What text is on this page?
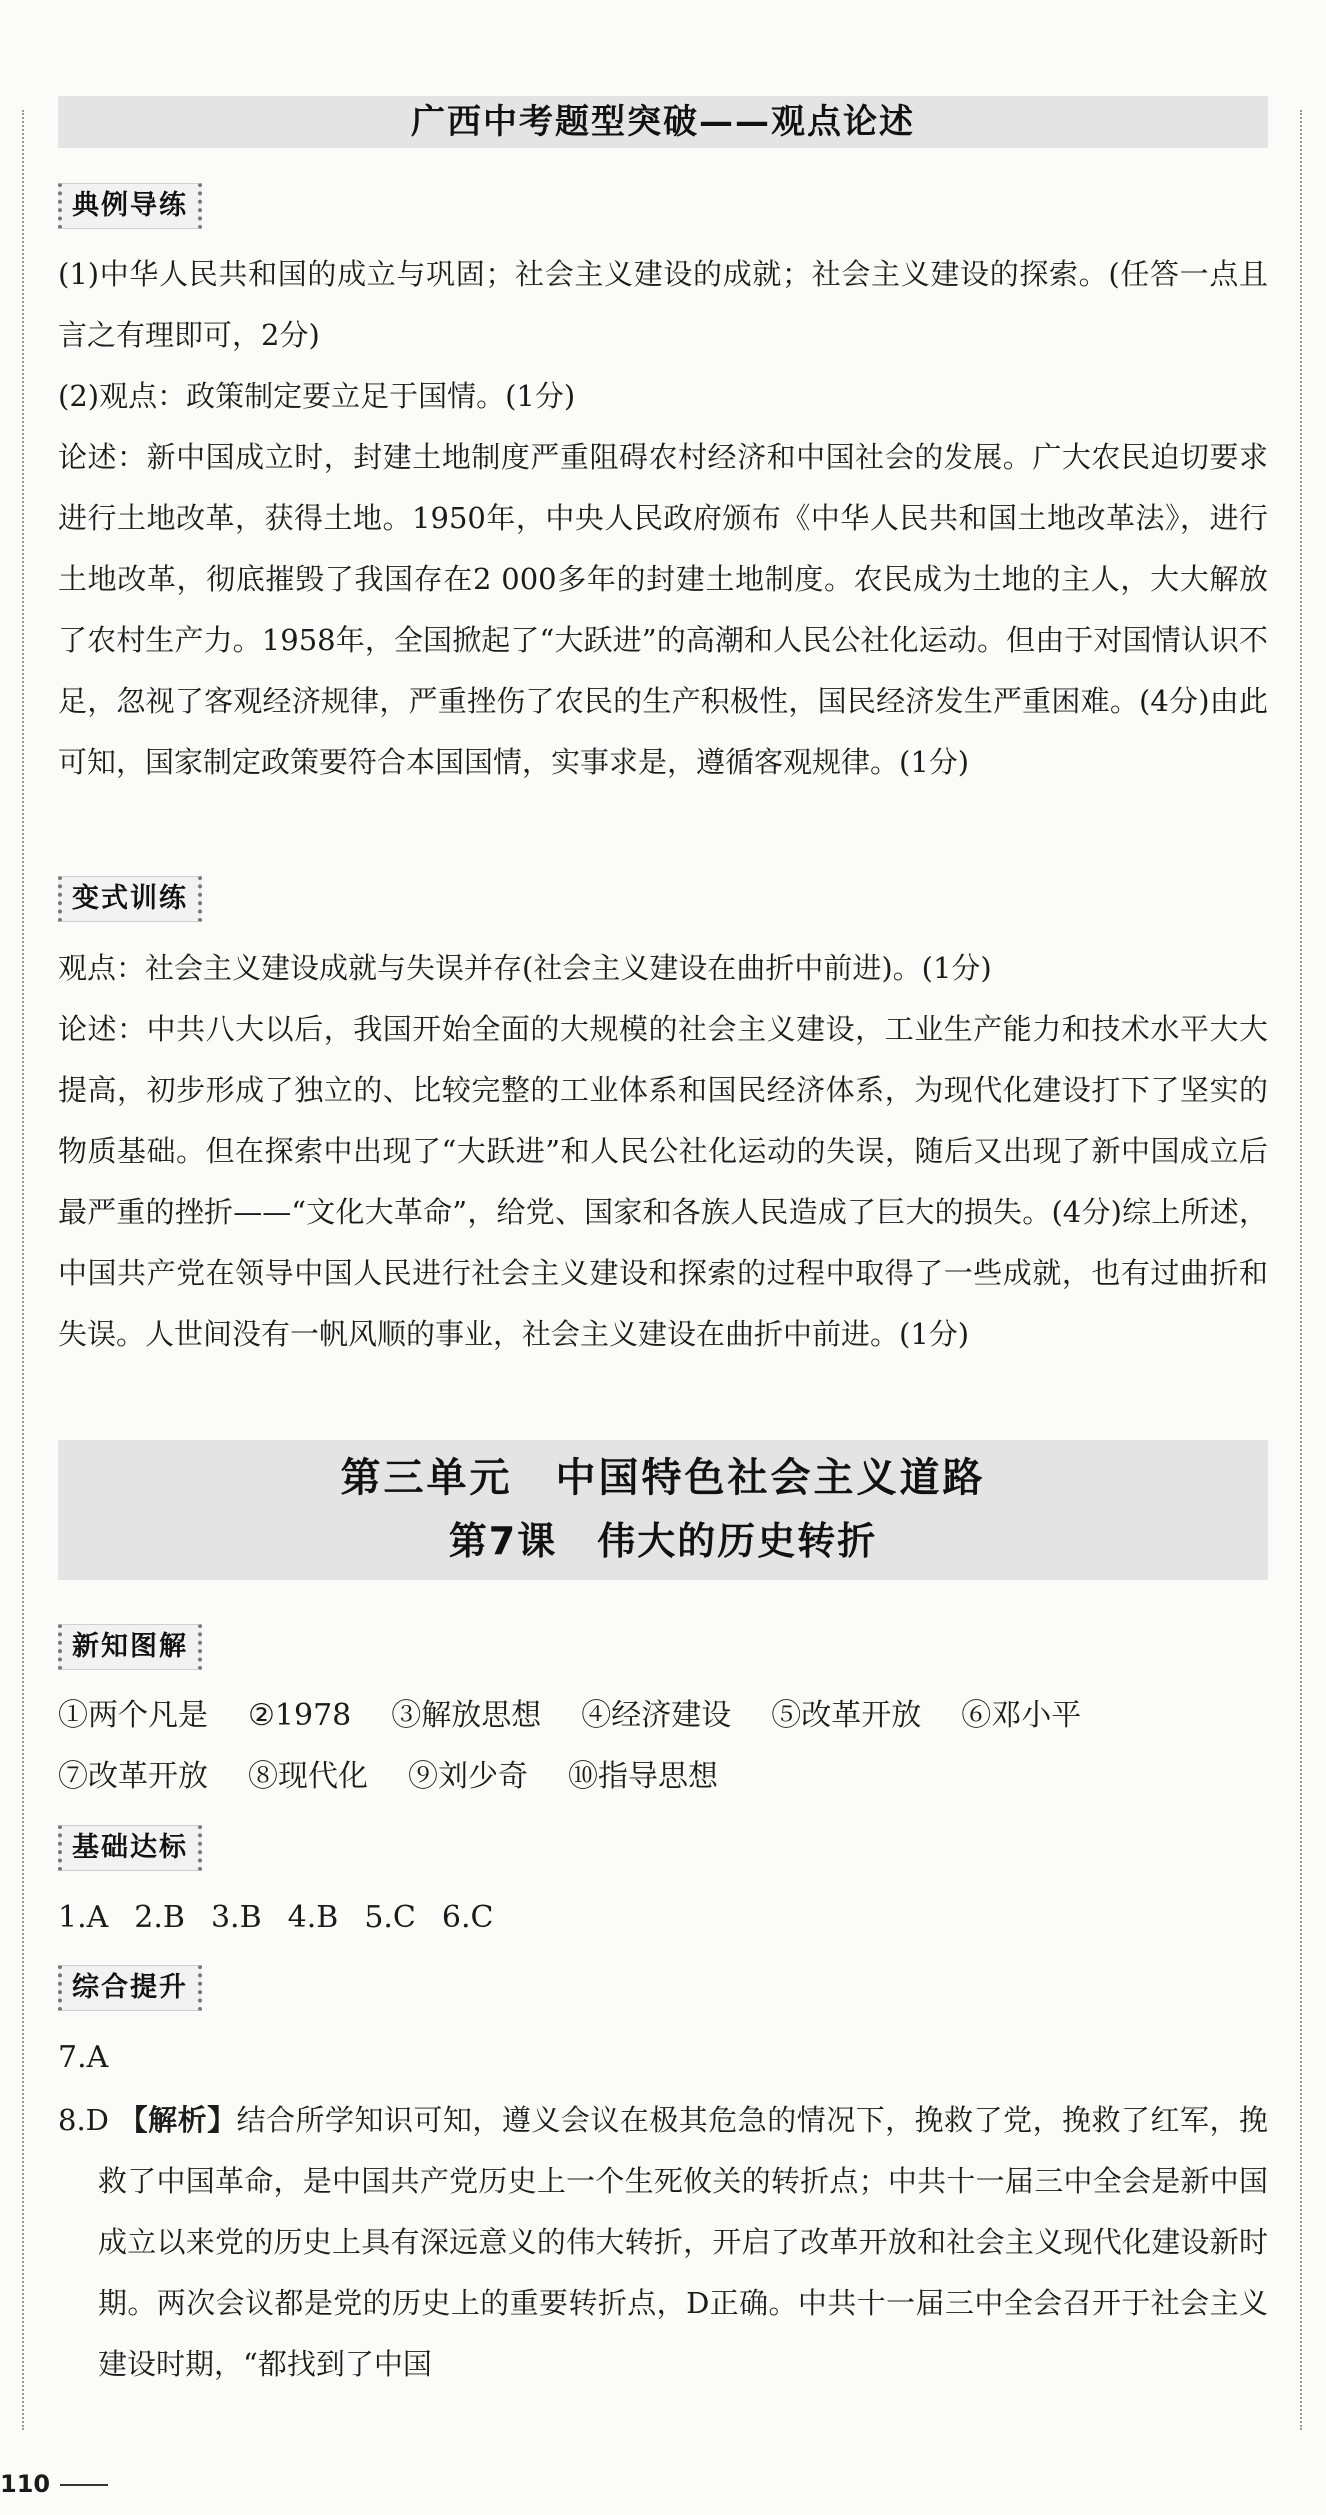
广西中考题型突破——观点论述
典例导练

(1)中华人民共和国的成立与巩固；社会主义建设的成就；社会主义建设的探索。(任答一点且言之有理即可，2分)

(2)观点：政策制定要立足于国情。(1分)

论述：新中国成立时，封建土地制度严重阻碍农村经济和中国社会的发展。广大农民迫切要求进行土地改革，获得土地。1950年，中央人民政府颁布《中华人民共和国土地改革法》，进行土地改革，彻底摧毁了我国存在2 000多年的封建土地制度。农民成为土地的主人，大大解放了农村生产力。1958年，全国掀起了“大跃进”的高潮和人民公社化运动。但由于对国情认识不足，忽视了客观经济规律，严重挫伤了农民的生产积极性，国民经济发生严重困难。(4分)由此可知，国家制定政策要符合本国国情，实事求是，遵循客观规律。(1分)

变式训练

观点：社会主义建设成就与失误并存(社会主义建设在曲折中前进)。(1分)

论述：中共八大以后，我国开始全面的大规模的社会主义建设，工业生产能力和技术水平大大提高，初步形成了独立的、比较完整的工业体系和国民经济体系，为现代化建设打下了坚实的物质基础。但在探索中出现了“大跃进”和人民公社化运动的失误，随后又出现了新中国成立后最严重的挫折——“文化大革命”，给党、国家和各族人民造成了巨大的损失。(4分)综上所述，中国共产党在领导中国人民进行社会主义建设和探索的过程中取得了一些成就，也有过曲折和失误。人世间没有一帆风顺的事业，社会主义建设在曲折中前进。(1分)

第三单元　中国特色社会主义道路
第7课　伟大的历史转折
新知图解
①两个凡是 ②1978 ③解放思想 ④经济建设 ⑤改革开放 ⑥邓小平
⑦改革开放 ⑧现代化 ⑨刘少奇 ⑩指导思想
基础达标
1.A 2.B 3.B 4.B 5.C 6.C
综合提升
7.A

8.D 【解析】结合所学知识可知，遵义会议在极其危急的情况下，挽救了党，挽救了红军，挽救了中国革命，是中国共产党历史上一个生死攸关的转折点；中共十一届三中全会是新中国成立以来党的历史上具有深远意义的伟大转折，开启了改革开放和社会主义现代化建设新时期。两次会议都是党的历史上的重要转折点，D正确。中共十一届三中全会召开于社会主义建设时期，“都找到了中国

110
